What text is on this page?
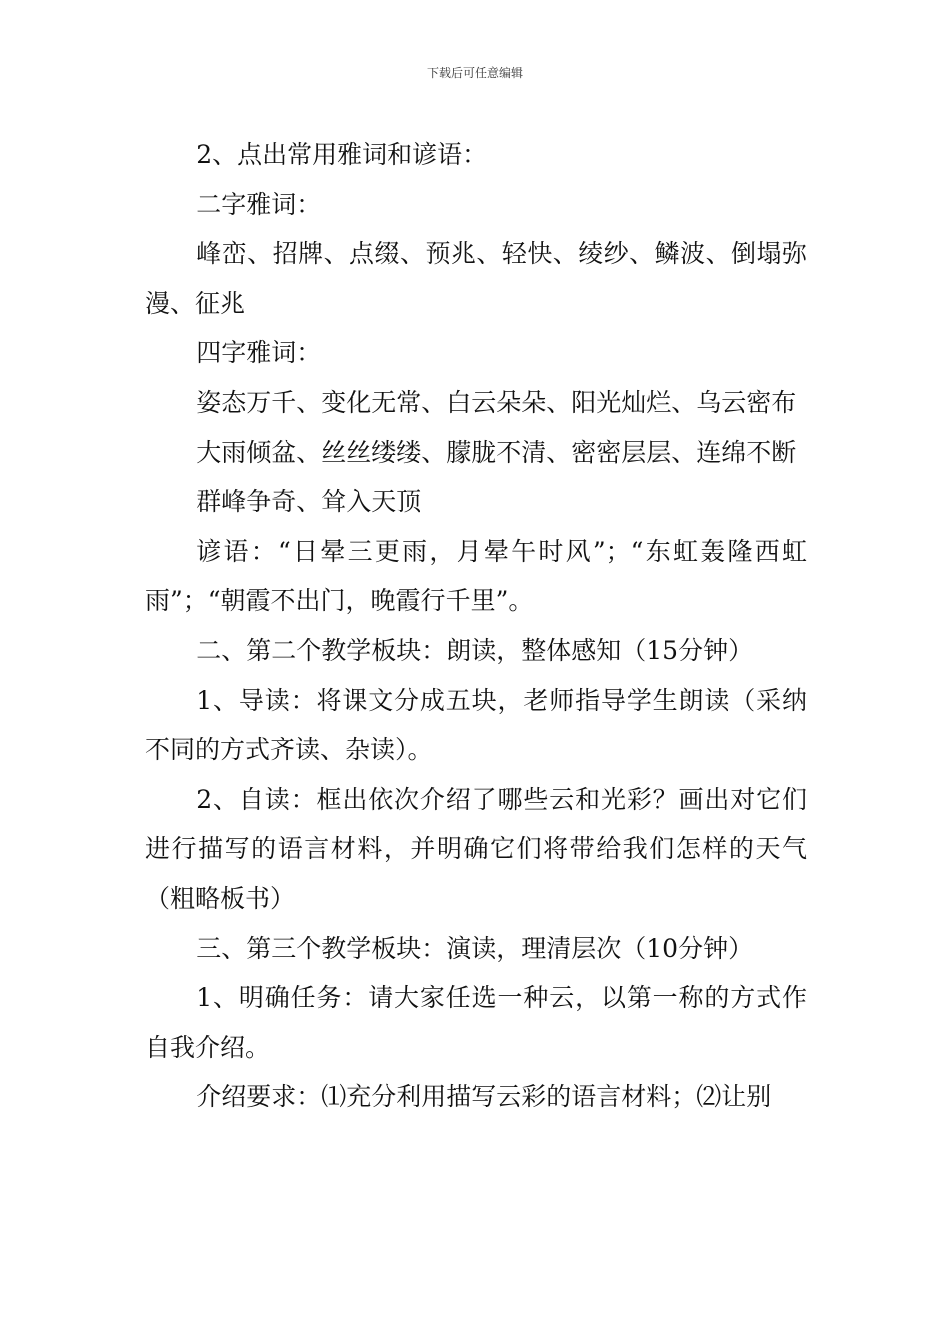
下载后可任意编辑

2、点出常用雅词和谚语：

二字雅词：

峰峦、招牌、点缀、预兆、轻快、绫纱、鳞波、倒塌弥漫、征兆

四字雅词：

姿态万千、变化无常、白云朵朵、阳光灿烂、乌云密布

大雨倾盆、丝丝缕缕、朦胧不清、密密层层、连绵不断

群峰争奇、耸入天顶

谚语：“日晕三更雨，月晕午时风”；“东虹轰隆西虹雨”；“朝霞不出门，晚霞行千里”。

二、第二个教学板块：朗读，整体感知（15分钟）

1、导读：将课文分成五块，老师指导学生朗读（采纳不同的方式齐读、杂读）。

2、自读：框出依次介绍了哪些云和光彩？画出对它们进行描写的语言材料，并明确它们将带给我们怎样的天气（粗略板书）

三、第三个教学板块：演读，理清层次（10分钟）

1、明确任务：请大家任选一种云，以第一称的方式作自我介绍。

介绍要求：⑴充分利用描写云彩的语言材料；⑵让别
